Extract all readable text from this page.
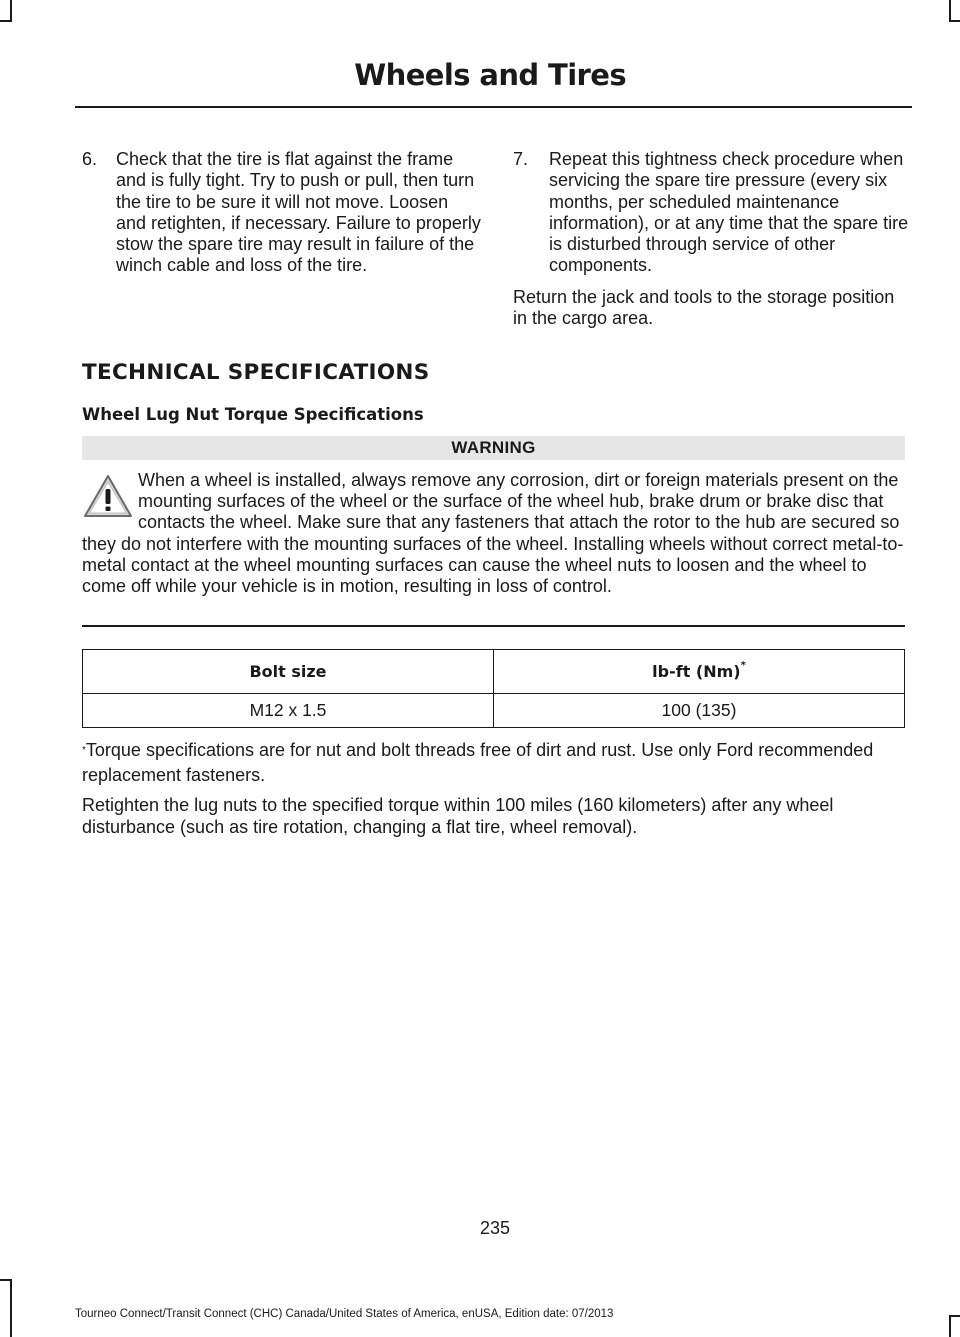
Wheels and Tires
6.	Check that the tire is flat against the frame and is fully tight. Try to push or pull, then turn the tire to be sure it will not move. Loosen and retighten, if necessary. Failure to properly stow the spare tire may result in failure of the winch cable and loss of the tire.
7.	Repeat this tightness check procedure when servicing the spare tire pressure (every six months, per scheduled maintenance information), or at any time that the spare tire is disturbed through service of other components.
Return the jack and tools to the storage position in the cargo area.
TECHNICAL SPECIFICATIONS
Wheel Lug Nut Torque Specifications
WARNING
When a wheel is installed, always remove any corrosion, dirt or foreign materials present on the mounting surfaces of the wheel or the surface of the wheel hub, brake drum or brake disc that contacts the wheel. Make sure that any fasteners that attach the rotor to the hub are secured so they do not interfere with the mounting surfaces of the wheel. Installing wheels without correct metal-to-metal contact at the wheel mounting surfaces can cause the wheel nuts to loosen and the wheel to come off while your vehicle is in motion, resulting in loss of control.
Bolt size	lb-ft (Nm)*
M12 x 1.5	100 (135)
*Torque specifications are for nut and bolt threads free of dirt and rust. Use only Ford recommended replacement fasteners.
Retighten the lug nuts to the specified torque within 100 miles (160 kilometers) after any wheel disturbance (such as tire rotation, changing a flat tire, wheel removal).
235
Tourneo Connect/Transit Connect (CHC) Canada/United States of America, enUSA, Edition date: 07/2013
